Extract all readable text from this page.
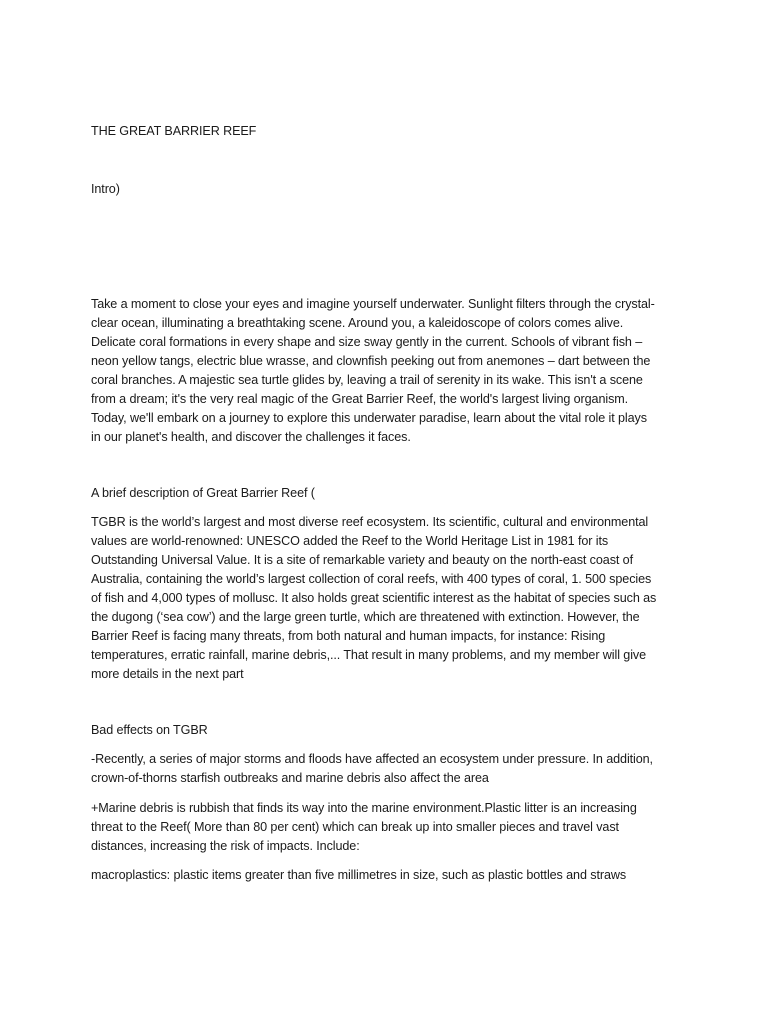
THE GREAT BARRIER REEF

Intro)

Take a moment to close your eyes and imagine yourself underwater. Sunlight filters through the crystal-
clear ocean, illuminating a breathtaking scene. Around you, a kaleidoscope of colors comes alive.
Delicate coral formations in every shape and size sway gently in the current. Schools of vibrant fish –
neon yellow tangs, electric blue wrasse, and clownfish peeking out from anemones – dart between the
coral branches. A majestic sea turtle glides by, leaving a trail of serenity in its wake. This isn't a scene
from a dream; it's the very real magic of the Great Barrier Reef, the world's largest living organism.
Today, we'll embark on a journey to explore this underwater paradise, learn about the vital role it plays
in our planet's health, and discover the challenges it faces.

A brief description of Great Barrier Reef (

TGBR is the world’s largest and most diverse reef ecosystem. Its scientific, cultural and environmental
values are world-renowned: UNESCO added the Reef to the World Heritage List in 1981 for its
Outstanding Universal Value. It is a site of remarkable variety and beauty on the north-east coast of
Australia, containing the world’s largest collection of coral reefs, with 400 types of coral, 1. 500 species
of fish and 4,000 types of mollusc. It also holds great scientific interest as the habitat of species such as
the dugong (‘sea cow’) and the large green turtle, which are threatened with extinction. However, the
Barrier Reef is facing many threats, from both natural and human impacts, for instance: Rising
temperatures, erratic rainfall, marine debris,... That result in many problems, and my member will give
more details in the next part

Bad effects on TGBR

-Recently, a series of major storms and floods have affected an ecosystem under pressure. In addition,
crown-of-thorns starfish outbreaks and marine debris also affect the area

+Marine debris is rubbish that finds its way into the marine environment.Plastic litter is an increasing
threat to the Reef( More than 80 per cent) which can break up into smaller pieces and travel vast
distances, increasing the risk of impacts. Include:

macroplastics: plastic items greater than five millimetres in size, such as plastic bottles and straws
